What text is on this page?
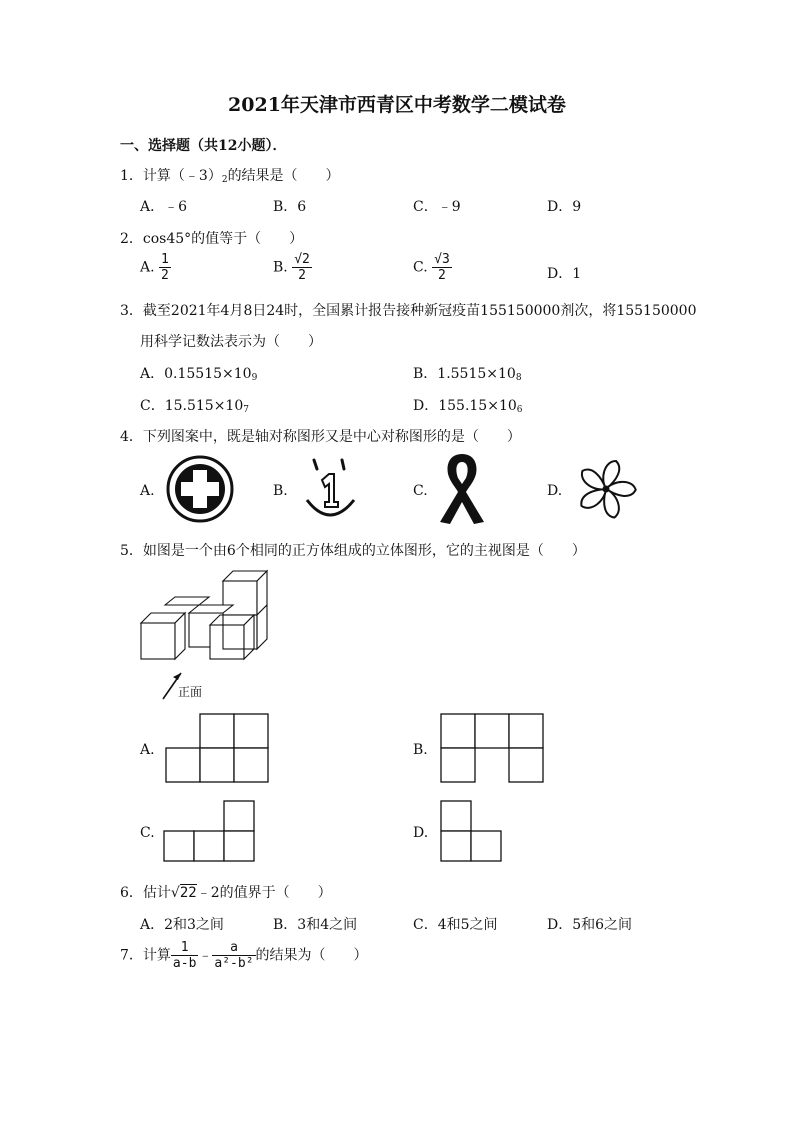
2021年天津市西青区中考数学二模试卷
一、选择题（共12小题）．
1．计算（﹣3）2的结果是（　　）
A．﹣6	B．6	C．﹣9	D．9
2．cos45°的值等于（　　）
A. $\frac{1}{2}$	B. $\frac{√2}{2}$	C. $\frac{√3}{2}$	D．1
3．截至2021年4月8日24时，全国累计报告接种新冠疫苗155150000剂次，将155150000
用科学记数法表示为（　　）
A．0.15515×109	B．1.5515×108
C．15.515×107	D．155.15×106
4．下列图案中，既是轴对称图形又是中心对称图形的是（　　）
A.	B.	C.	D.
5．如图是一个由6个相同的正方体组成的立体图形，它的主视图是（　　）
正面
A.	B.
C.	D.
6．估计√22﹣2的值界于（　　）
A．2和3之间	B．3和4之间	C．4和5之间	D．5和6之间
7．计算 $\frac{1}{a-b}$ ﹣ $\frac{a}{\text{a²-b²}}$ 的结果为（　　）
